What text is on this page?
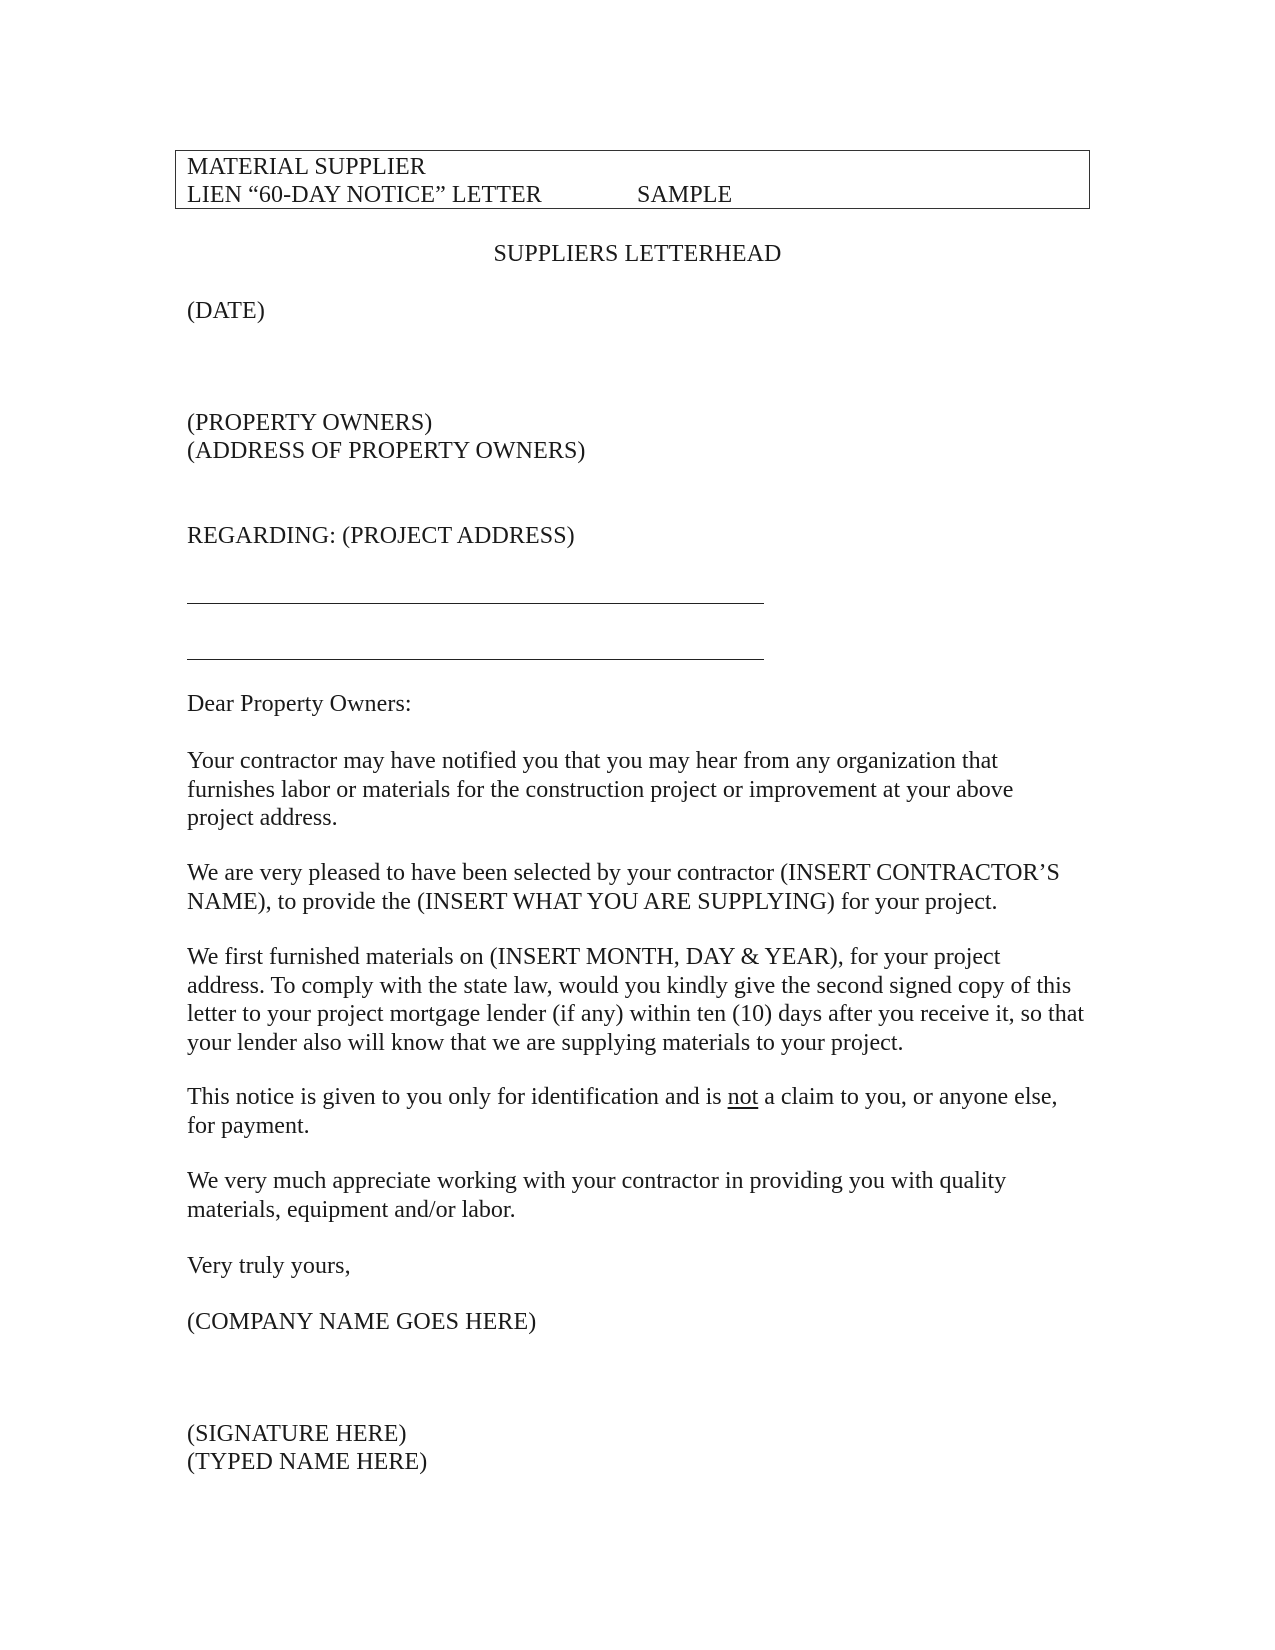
MATERIAL SUPPLIER
LIEN “60-DAY NOTICE” LETTER	SAMPLE
SUPPLIERS LETTERHEAD
(DATE)
(PROPERTY OWNERS)
(ADDRESS OF PROPERTY OWNERS)
REGARDING: (PROJECT ADDRESS)
Dear Property Owners:
Your contractor may have notified you that you may hear from any organization that
furnishes labor or materials for the construction project or improvement at your above
project address.
We are very pleased to have been selected by your contractor (INSERT CONTRACTOR’S
NAME), to provide the (INSERT WHAT YOU ARE SUPPLYING) for your project.
We first furnished materials on (INSERT MONTH, DAY & YEAR), for your project
address. To comply with the state law, would you kindly give the second signed copy of this
letter to your project mortgage lender (if any) within ten (10) days after you receive it, so that
your lender also will know that we are supplying materials to your project.
This notice is given to you only for identification and is not a claim to you, or anyone else,
for payment.
We very much appreciate working with your contractor in providing you with quality
materials, equipment and/or labor.
Very truly yours,
(COMPANY NAME GOES HERE)
(SIGNATURE HERE)
(TYPED NAME HERE)
